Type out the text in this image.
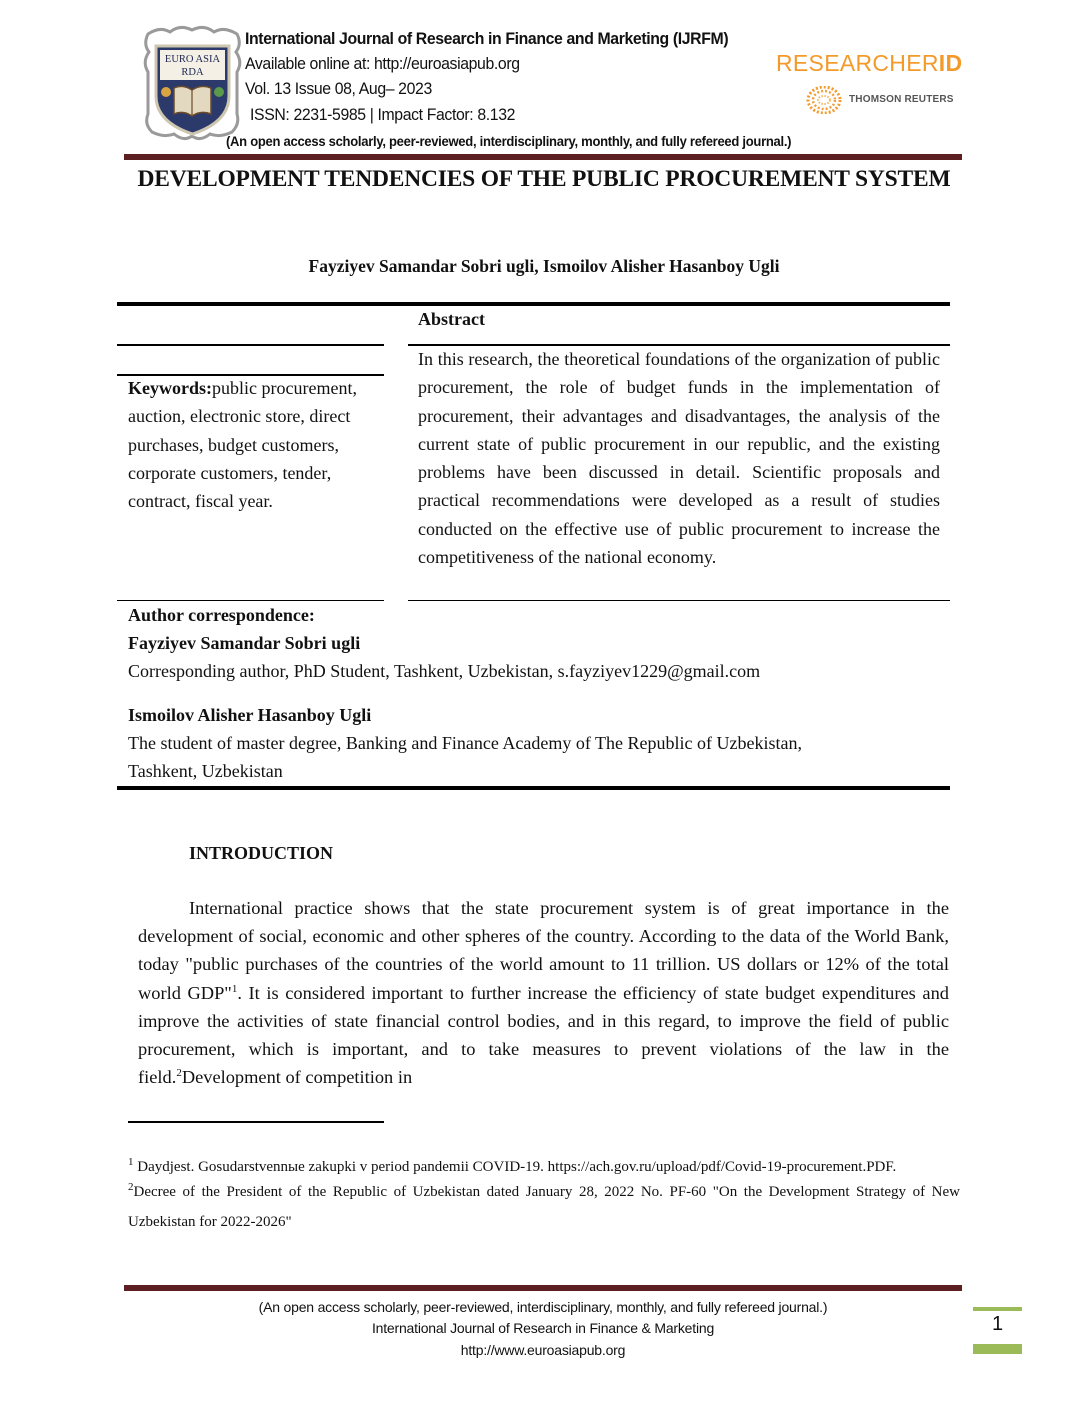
EURO ASIA
RDA
International Journal of Research in Finance and Marketing (IJRFM)
Available online at: http://euroasiapub.org
Vol. 13 Issue 08, Aug– 2023
ISSN: 2231-5985 | Impact Factor: 8.132
(An open access scholarly, peer-reviewed, interdisciplinary, monthly, and fully refereed journal.)
RESEARCHERID
THOMSON REUTERS
DEVELOPMENT TENDENCIES OF THE PUBLIC PROCUREMENT SYSTEM
Fayziyev Samandar Sobri ugli, Ismoilov Alisher Hasanboy Ugli
Abstract
Keywords:public procurement, auction, electronic store, direct purchases, budget customers, corporate customers, tender, contract, fiscal year.
In this research, the theoretical foundations of the organization of public procurement, the role of budget funds in the implementation of procurement, their advantages and disadvantages, the analysis of the current state of public procurement in our republic, and the existing problems have been discussed in detail. Scientific proposals and practical recommendations were developed as a result of studies conducted on the effective use of public procurement to increase the competitiveness of the national economy.
Author correspondence:
Fayziyev Samandar Sobri ugli
Corresponding author, PhD Student, Tashkent, Uzbekistan, s.fayziyev1229@gmail.com
Ismoilov Alisher Hasanboy Ugli
The student of master degree, Banking and Finance Academy of The Republic of Uzbekistan,
Tashkent, Uzbekistan
INTRODUCTION

International practice shows that the state procurement system is of great importance in the development of social, economic and other spheres of the country. According to the data of the World Bank, today "public purchases of the countries of the world amount to 11 trillion. US dollars or 12% of the total world GDP"$^1$. It is considered important to further increase the efficiency of state budget expenditures and improve the activities of state financial control bodies, and in this regard, to improve the field of public procurement, which is important, and to take measures to prevent violations of the law in the field.$^2$Development of competition in

$^1$ Daydjest. Gosudarstvennыe zakupki v period pandemii COVID-19. https://ach.gov.ru/upload/pdf/Covid-19-procurement.PDF.

$^2$Decree of the President of the Republic of Uzbekistan dated January 28, 2022 No. PF-60 "On the Development Strategy of New Uzbekistan for 2022-2026"

(An open access scholarly, peer-reviewed, interdisciplinary, monthly, and fully refereed journal.)
International Journal of Research in Finance & Marketing
http://www.euroasiapub.org
1
